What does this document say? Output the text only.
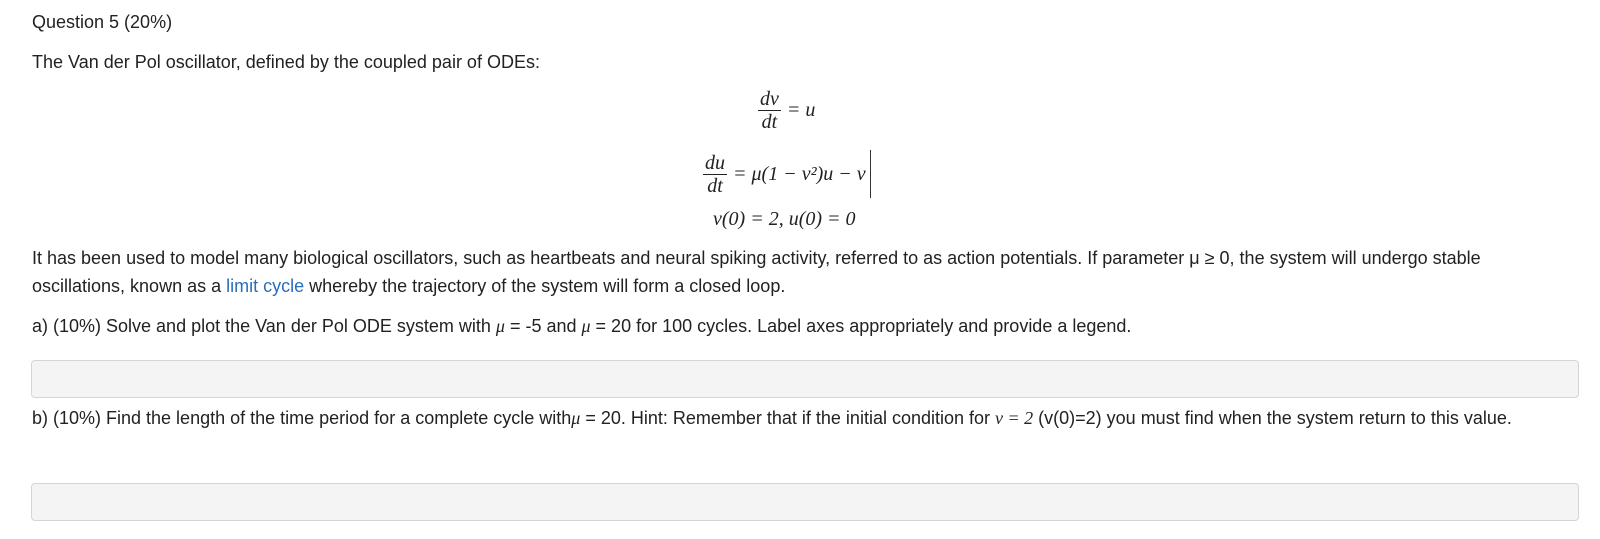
Question 5 (20%)

The Van der Pol oscillator, defined by the coupled pair of ODEs:

$\frac{dv}{dt} = u$
$\frac{du}{dt} = \mu(1 - v^2)u - v$
v(0) = 2, u(0) = 0

It has been used to model many biological oscillators, such as heartbeats and neural spiking activity, referred to as action potentials. If parameter μ ≥ 0, the system will undergo stable oscillations, known as a limit cycle whereby the trajectory of the system will form a closed loop.

a) (10%) Solve and plot the Van der Pol ODE system with μ = -5 and μ = 20 for 100 cycles. Label axes appropriately and provide a legend.

b) (10%) Find the length of the time period for a complete cycle withμ = 20. Hint: Remember that if the initial condition for v = 2 (v(0)=2) you must find when the system return to this value.
